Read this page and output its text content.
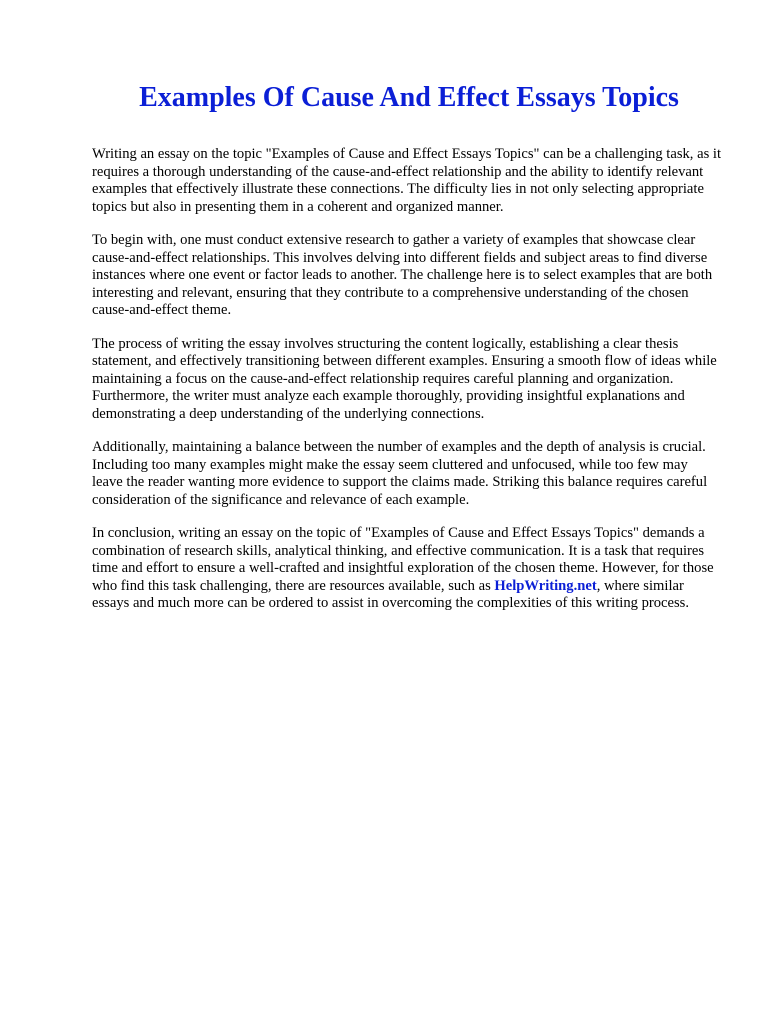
Examples Of Cause And Effect Essays Topics

Writing an essay on the topic "Examples of Cause and Effect Essays Topics" can be a challenging task, as it requires a thorough understanding of the cause-and-effect relationship and the ability to identify relevant examples that effectively illustrate these connections. The difficulty lies in not only selecting appropriate topics but also in presenting them in a coherent and organized manner.

To begin with, one must conduct extensive research to gather a variety of examples that showcase clear cause-and-effect relationships. This involves delving into different fields and subject areas to find diverse instances where one event or factor leads to another. The challenge here is to select examples that are both interesting and relevant, ensuring that they contribute to a comprehensive understanding of the chosen cause-and-effect theme.

The process of writing the essay involves structuring the content logically, establishing a clear thesis statement, and effectively transitioning between different examples. Ensuring a smooth flow of ideas while maintaining a focus on the cause-and-effect relationship requires careful planning and organization. Furthermore, the writer must analyze each example thoroughly, providing insightful explanations and demonstrating a deep understanding of the underlying connections.

Additionally, maintaining a balance between the number of examples and the depth of analysis is crucial. Including too many examples might make the essay seem cluttered and unfocused, while too few may leave the reader wanting more evidence to support the claims made. Striking this balance requires careful consideration of the significance and relevance of each example.

In conclusion, writing an essay on the topic of "Examples of Cause and Effect Essays Topics" demands a combination of research skills, analytical thinking, and effective communication. It is a task that requires time and effort to ensure a well-crafted and insightful exploration of the chosen theme. However, for those who find this task challenging, there are resources available, such as HelpWriting.net, where similar essays and much more can be ordered to assist in overcoming the complexities of this writing process.
